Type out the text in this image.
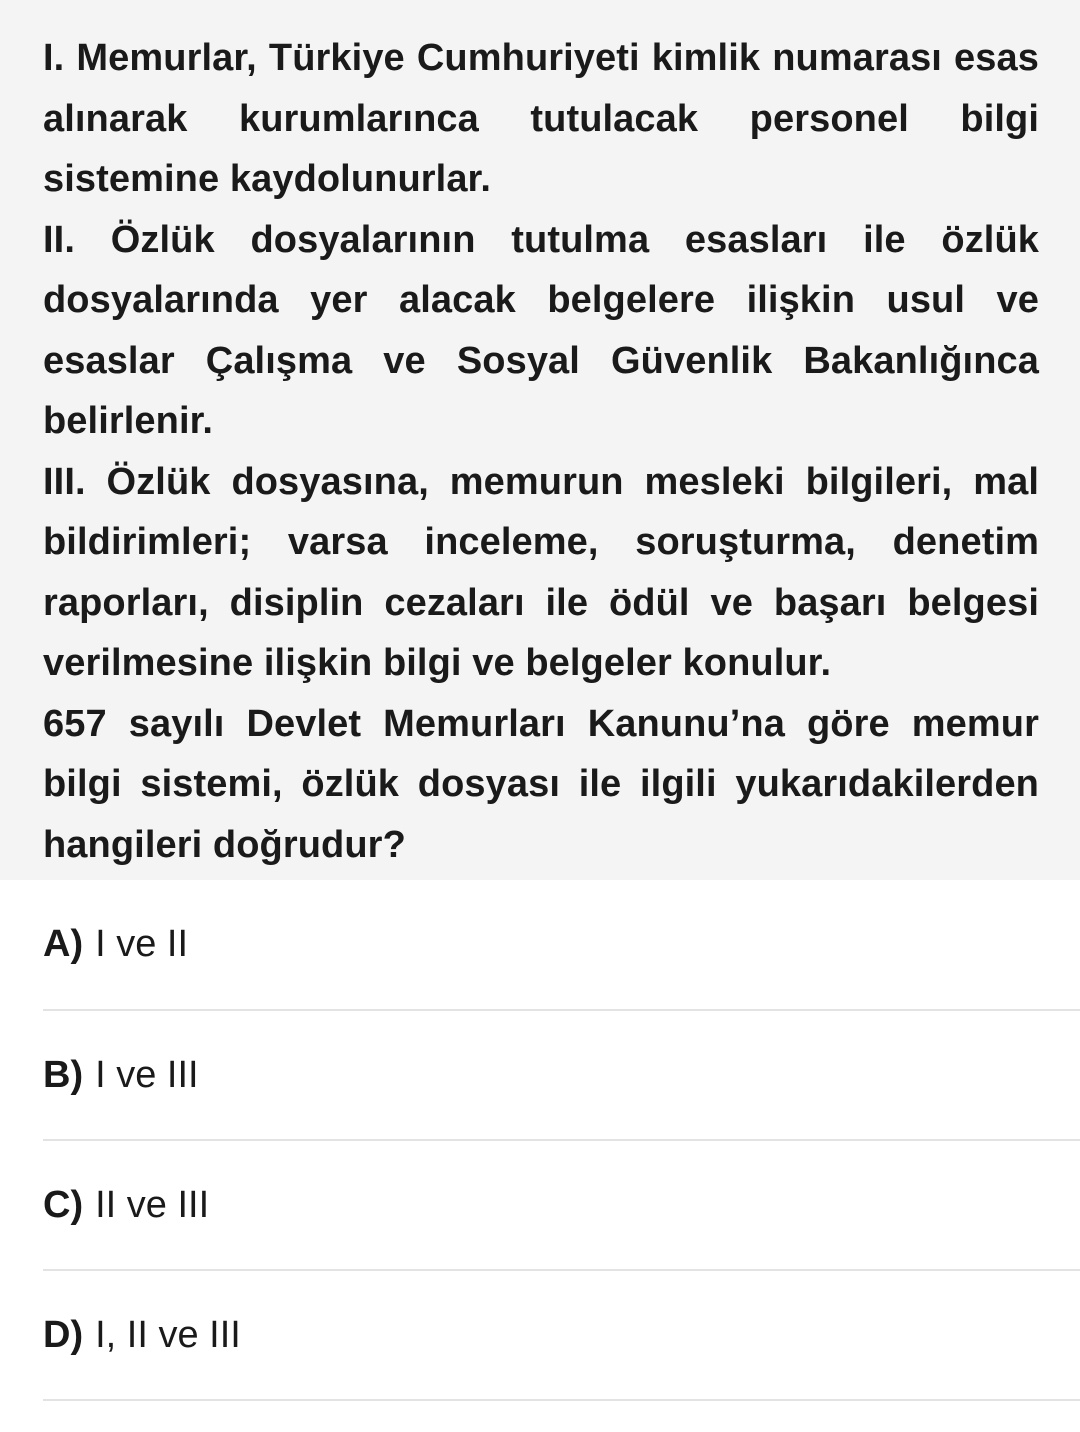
I. Memurlar, Türkiye Cumhuriyeti kimlik numarası esas alınarak kurumlarınca tutulacak personel bilgi sistemine kaydolunurlar.

II. Özlük dosyalarının tutulma esasları ile özlük dosyalarında yer alacak belgelere ilişkin usul ve esaslar Çalışma ve Sosyal Güvenlik Bakanlığınca belirlenir.

III. Özlük dosyasına, memurun mesleki bilgileri, mal bildirimleri; varsa inceleme, soruşturma, denetim raporları, disiplin cezaları ile ödül ve başarı belgesi verilmesine ilişkin bilgi ve belgeler konulur.

657 sayılı Devlet Memurları Kanunu’na göre memur bilgi sistemi, özlük dosyası ile ilgili yukarıdakilerden hangileri doğrudur?

A) I ve II
B) I ve III
C) II ve III
D) I, II ve III
